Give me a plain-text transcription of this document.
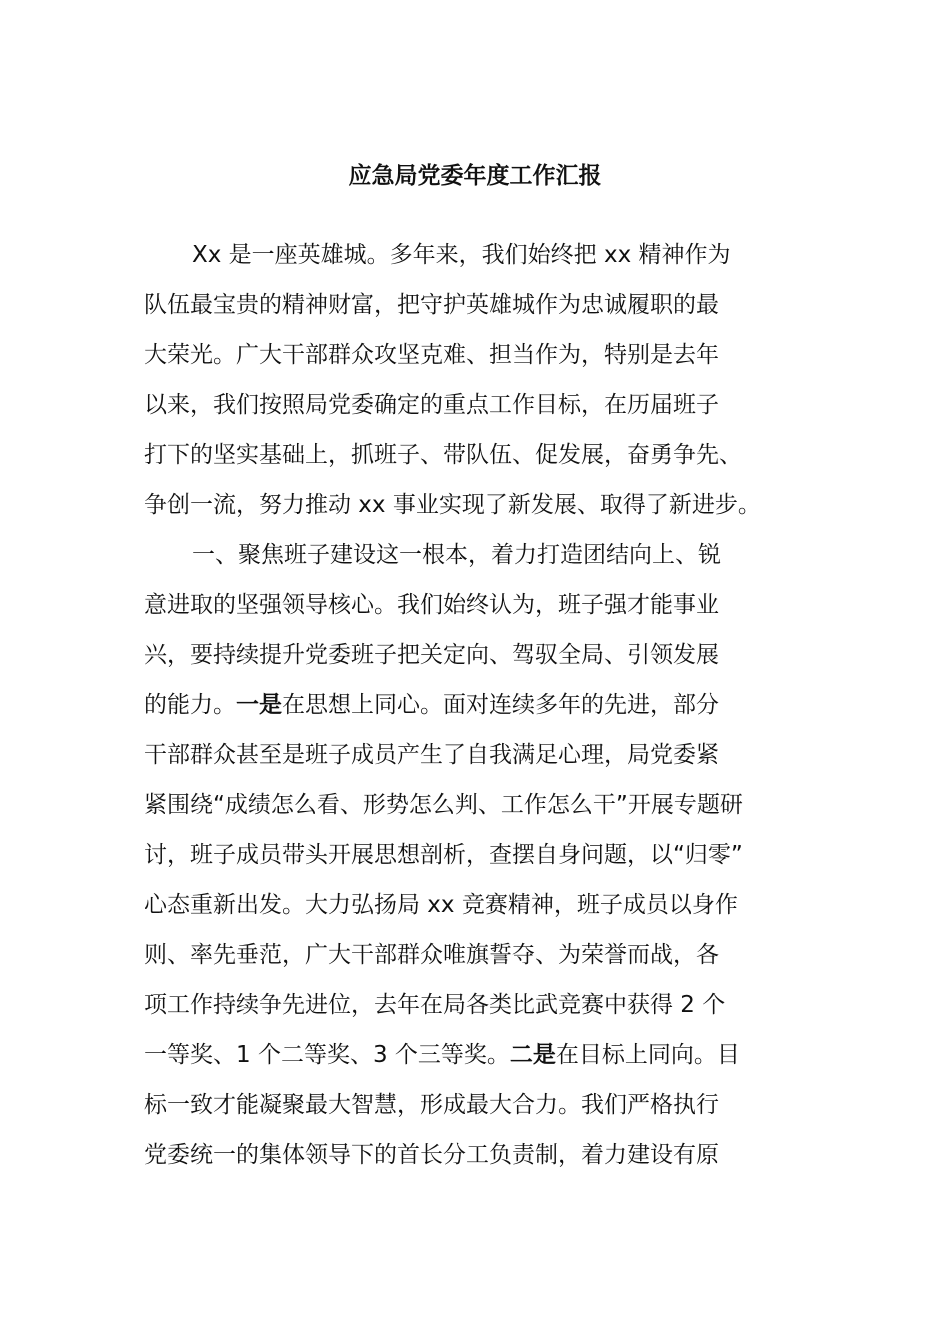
应急局党委年度工作汇报

Xx 是一座英雄城。多年来，我们始终把 xx 精神作为
队伍最宝贵的精神财富，把守护英雄城作为忠诚履职的最
大荣光。广大干部群众攻坚克难、担当作为，特别是去年
以来，我们按照局党委确定的重点工作目标，在历届班子
打下的坚实基础上，抓班子、带队伍、促发展，奋勇争先、
争创一流，努力推动 xx 事业实现了新发展、取得了新进步。

一、聚焦班子建设这一根本，着力打造团结向上、锐
意进取的坚强领导核心。我们始终认为，班子强才能事业
兴，要持续提升党委班子把关定向、驾驭全局、引领发展
的能力。一是在思想上同心。面对连续多年的先进，部分
干部群众甚至是班子成员产生了自我满足心理，局党委紧
紧围绕“成绩怎么看、形势怎么判、工作怎么干”开展专题研
讨，班子成员带头开展思想剖析，查摆自身问题，以“归零”
心态重新出发。大力弘扬局 xx 竞赛精神，班子成员以身作
则、率先垂范，广大干部群众唯旗誓夺、为荣誉而战，各
项工作持续争先进位，去年在局各类比武竞赛中获得 2 个
一等奖、1 个二等奖、3 个三等奖。二是在目标上同向。目
标一致才能凝聚最大智慧，形成最大合力。我们严格执行
党委统一的集体领导下的首长分工负责制，着力建设有原
